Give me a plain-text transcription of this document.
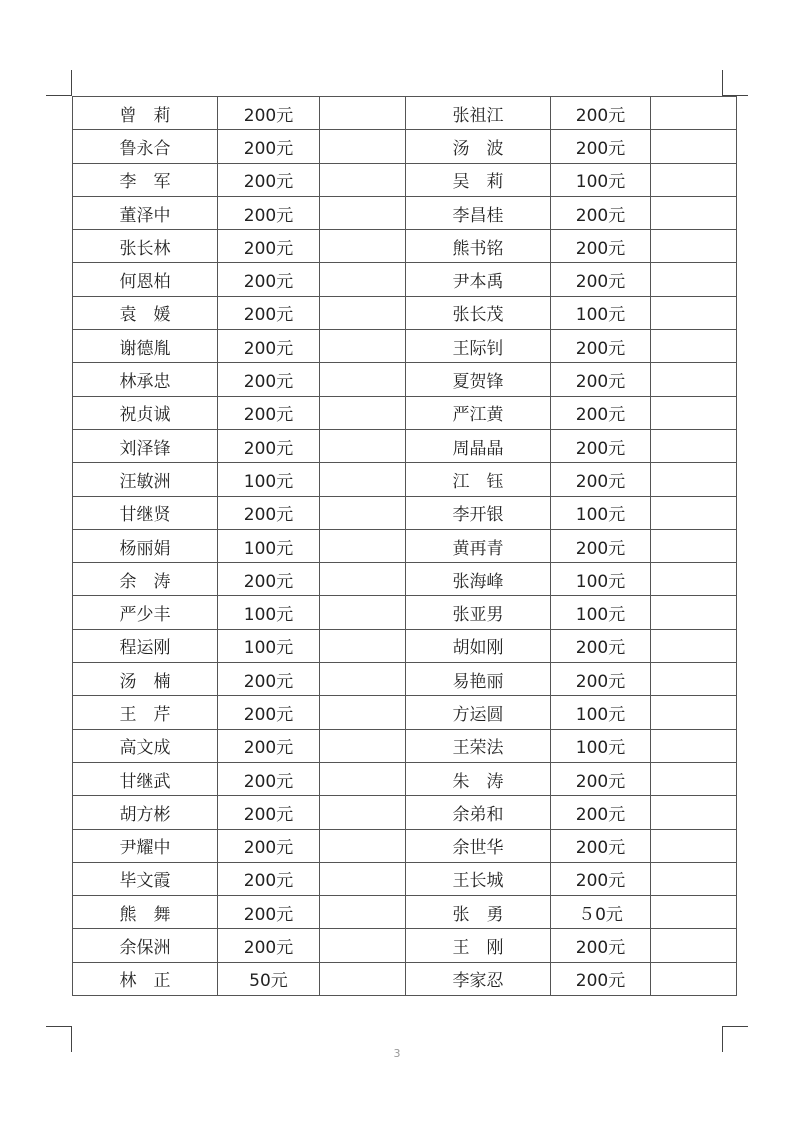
曾　莉	200元		张祖江	200元	
鲁永合	200元		汤　波	200元	
李　军	200元		吴　莉	100元	
董泽中	200元		李昌桂	200元	
张长林	200元		熊书铭	200元	
何恩柏	200元		尹本禹	200元	
袁　媛	200元		张长茂	100元	
谢德胤	200元		王际钊	200元	
林承忠	200元		夏贺锋	200元	
祝贞诚	200元		严江黄	200元	
刘泽锋	200元		周晶晶	200元	
汪敏洲	100元		江　钰	200元	
甘继贤	200元		李开银	100元	
杨丽娟	100元		黄再青	200元	
余　涛	200元		张海峰	100元	
严少丰	100元		张亚男	100元	
程运刚	100元		胡如刚	200元	
汤　楠	200元		易艳丽	200元	
王　芹	200元		方运圆	100元	
高文成	200元		王荣法	100元	
甘继武	200元		朱　涛	200元	
胡方彬	200元		余弟和	200元	
尹耀中	200元		余世华	200元	
毕文霞	200元		王长城	200元	
熊　舞	200元		张　勇	５0元	
余保洲	200元		王　刚	200元	
林　正	50元		李家忍	200元	
3
